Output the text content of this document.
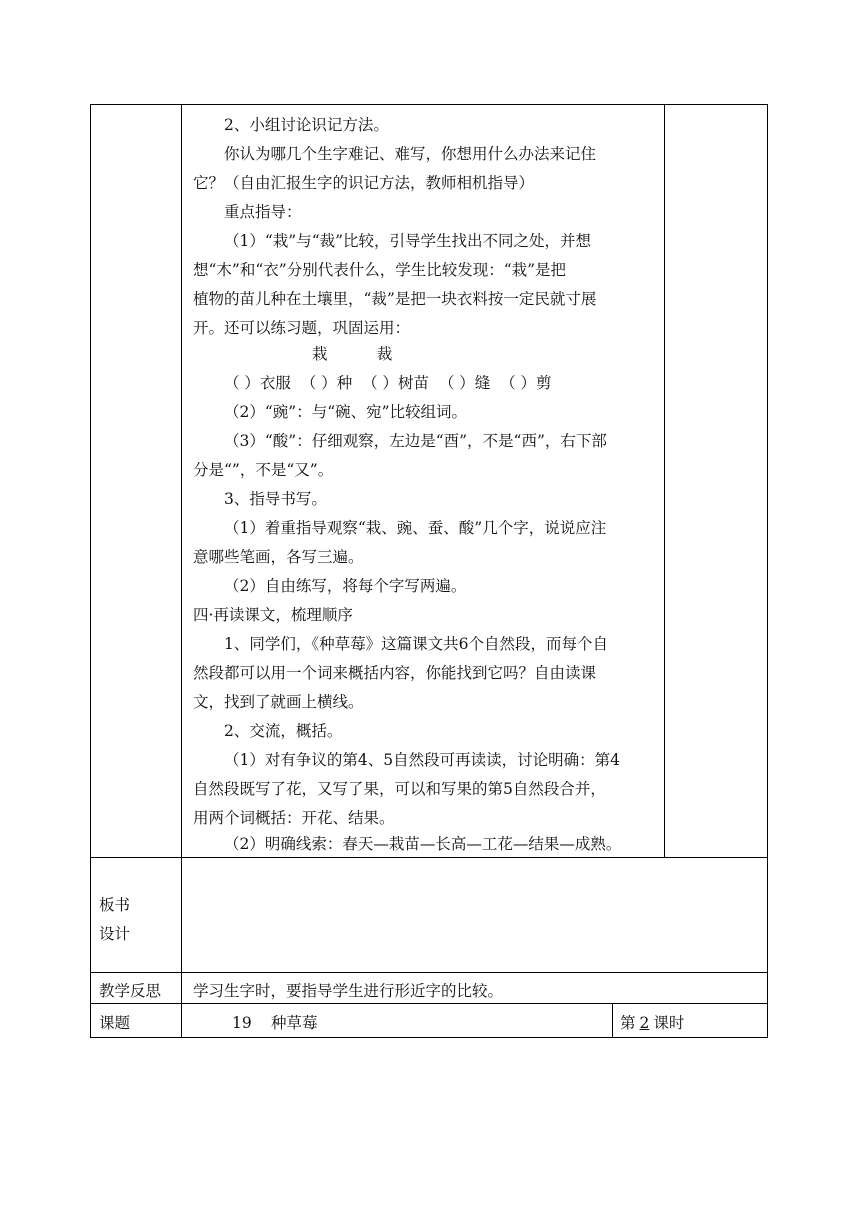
2、小组讨论识记方法。
你认为哪几个生字难记、难写，你想用什么办法来记住
它？（自由汇报生字的识记方法，教师相机指导）
重点指导：
（1）“栽”与“裁”比较，引导学生找出不同之处，并想
想“木”和“衣”分别代表什么，学生比较发现：“栽”是把
植物的苗儿种在土壤里，“裁”是把一块衣料按一定民就寸展
开。还可以练习题，巩固运用：
栽          裁
（ ）衣服  （ ）种  （ ）树苗  （ ）缝  （ ）剪
（2）“豌”：与“碗、宛”比较组词。
（3）“酸”：仔细观察，左边是“酉”，不是“西”，右下部
分是“”，不是“又”。
3、指导书写。
（1）着重指导观察“栽、豌、蚕、酸”几个字，说说应注
意哪些笔画，各写三遍。
（2）自由练写，将每个字写两遍。
四·再读课文，梳理顺序
1、同学们，《种草莓》这篇课文共6个自然段，而每个自
然段都可以用一个词来概括内容，你能找到它吗？自由读课
文，找到了就画上横线。
2、交流，概括。
（1）对有争议的第4、5自然段可再读读，讨论明确：第4
自然段既写了花，又写了果，可以和写果的第5自然段合并，
用两个词概括：开花、结果。
（2）明确线索：春天—栽苗—长高—工花—结果—成熟。
板书
设计
教学反思 学习生字时，要指导学生进行形近字的比较。
课题	19 种草莓	第 2 课时
